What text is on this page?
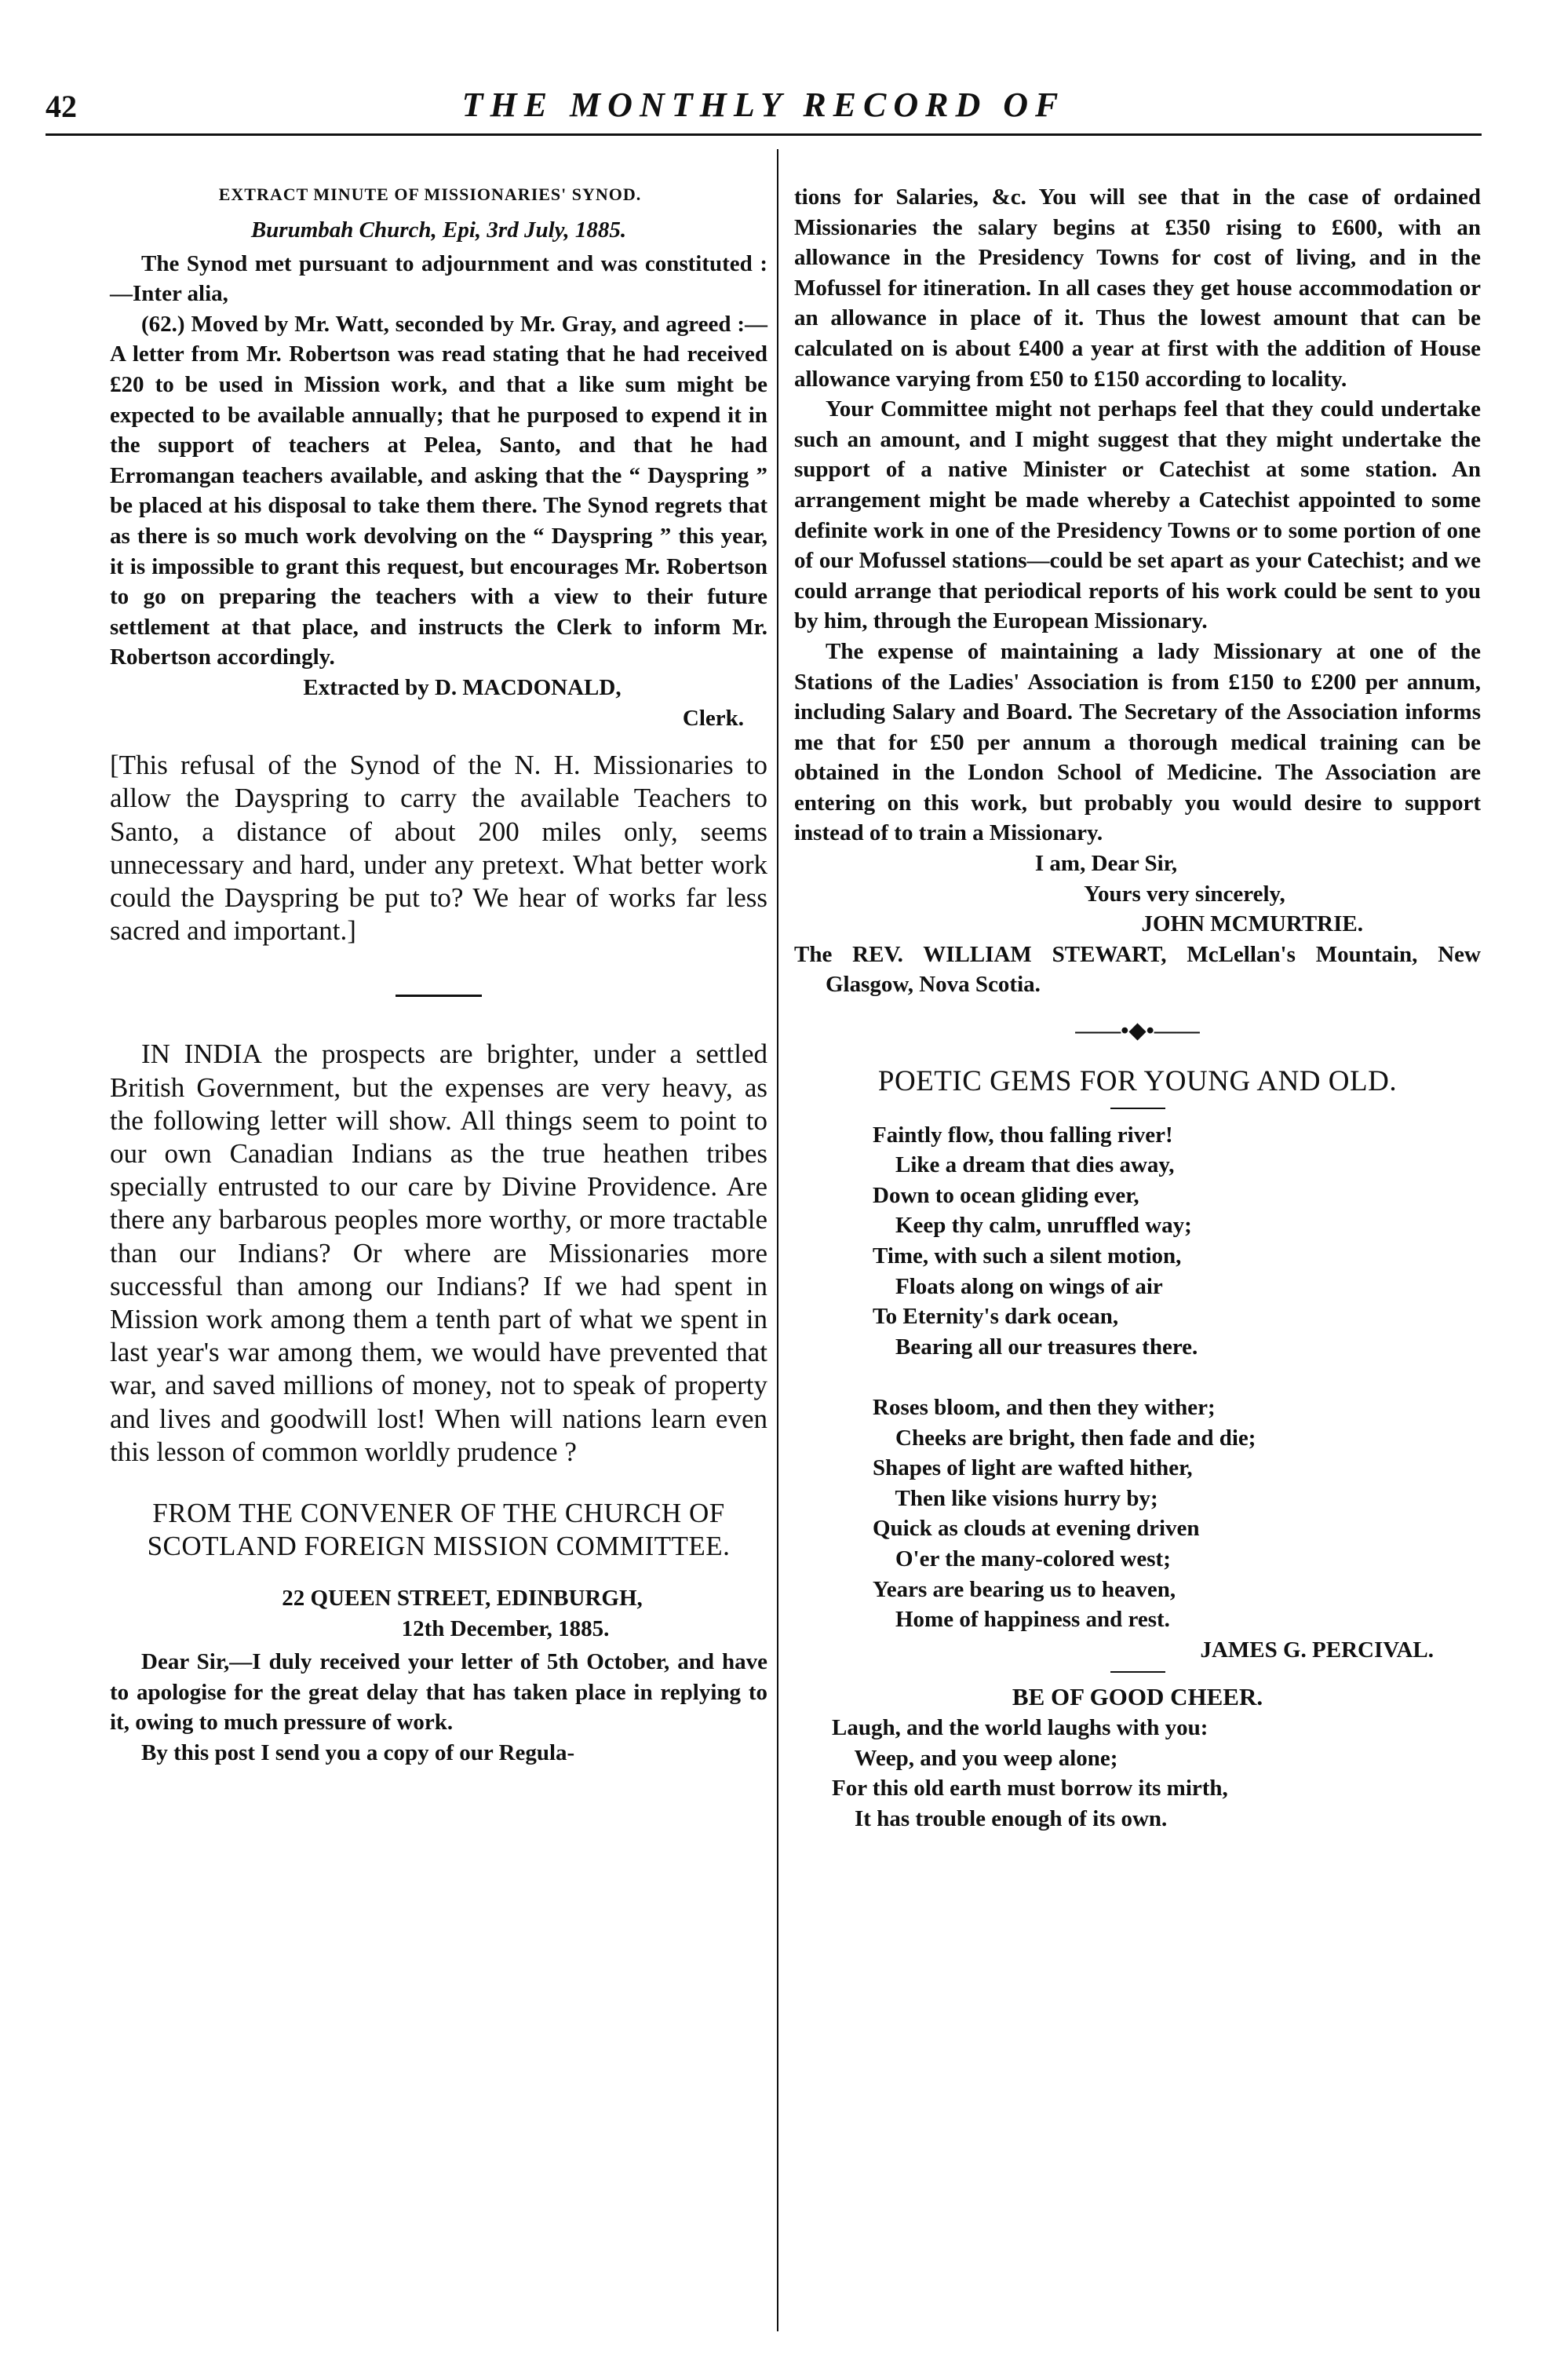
42	THE MONTHLY RECORD OF
EXTRACT MINUTE OF MISSIONARIES' SYNOD.

Burumbah Church, Epi, 3rd July, 1885.

The Synod met pursuant to adjournment and was constituted :—Inter alia,

(62.) Moved by Mr. Watt, seconded by Mr. Gray, and agreed :—A letter from Mr. Robertson was read stating that he had received £20 to be used in Mission work, and that a like sum might be expected to be available annually; that he purposed to expend it in the support of teachers at Pelea, Santo, and that he had Erromangan teachers available, and asking that the “ Dayspring ” be placed at his disposal to take them there. The Synod regrets that as there is so much work devolving on the “ Dayspring ” this year, it is impossible to grant this request, but encourages Mr. Robertson to go on preparing the teachers with a view to their future settlement at that place, and instructs the Clerk to inform Mr. Robertson accordingly.

Extracted by D. MACDONALD,

Clerk.

[This refusal of the Synod of the N. H. Missionaries to allow the Dayspring to carry the available Teachers to Santo, a distance of about 200 miles only, seems unnecessary and hard, under any pretext. What better work could the Dayspring be put to? We hear of works far less sacred and important.]

IN INDIA the prospects are brighter, under a settled British Government, but the expenses are very heavy, as the following letter will show. All things seem to point to our own Canadian Indians as the true heathen tribes specially entrusted to our care by Divine Providence. Are there any barbarous peoples more worthy, or more tractable than our Indians? Or where are Missionaries more successful than among our Indians? If we had spent in Mission work among them a tenth part of what we spent in last year's war among them, we would have prevented that war, and saved millions of money, not to speak of property and lives and goodwill lost! When will nations learn even this lesson of common worldly prudence ?

FROM THE CONVENER OF THE CHURCH OF SCOTLAND FOREIGN MISSION COMMITTEE.

22 QUEEN STREET, EDINBURGH,

12th December, 1885.

Dear Sir,—I duly received your letter of 5th October, and have to apologise for the great delay that has taken place in replying to it, owing to much pressure of work.

By this post I send you a copy of our Regula-

tions for Salaries, &c. You will see that in the case of ordained Missionaries the salary begins at £350 rising to £600, with an allowance in the Presidency Towns for cost of living, and in the Mofussel for itineration. In all cases they get house accommodation or an allowance in place of it. Thus the lowest amount that can be calculated on is about £400 a year at first with the addition of House allowance varying from £50 to £150 according to locality.

Your Committee might not perhaps feel that they could undertake such an amount, and I might suggest that they might undertake the support of a native Minister or Catechist at some station. An arrangement might be made whereby a Catechist appointed to some definite work in one of the Presidency Towns or to some portion of one of our Mofussel stations—could be set apart as your Catechist; and we could arrange that periodical reports of his work could be sent to you by him, through the European Missionary.

The expense of maintaining a lady Missionary at one of the Stations of the Ladies' Association is from £150 to £200 per annum, including Salary and Board. The Secretary of the Association informs me that for £50 per annum a thorough medical training can be obtained in the London School of Medicine. The Association are entering on this work, but probably you would desire to support instead of to train a Missionary.

I am, Dear Sir,

Yours very sincerely,

JOHN MCMURTRIE.

The REV. WILLIAM STEWART, McLellan's Mountain, New Glasgow, Nova Scotia.

——•◆•——
POETIC GEMS FOR YOUNG AND OLD.
Faintly flow, thou falling river!
Like a dream that dies away,
Down to ocean gliding ever,
Keep thy calm, unruffled way;
Time, with such a silent motion,
Floats along on wings of air
To Eternity's dark ocean,
Bearing all our treasures there.

Roses bloom, and then they wither;
Cheeks are bright, then fade and die;
Shapes of light are wafted hither,
Then like visions hurry by;
Quick as clouds at evening driven
O'er the many-colored west;
Years are bearing us to heaven,
Home of happiness and rest.

JAMES G. PERCIVAL.

BE OF GOOD CHEER.
Laugh, and the world laughs with you:
Weep, and you weep alone;
For this old earth must borrow its mirth,
It has trouble enough of its own.
